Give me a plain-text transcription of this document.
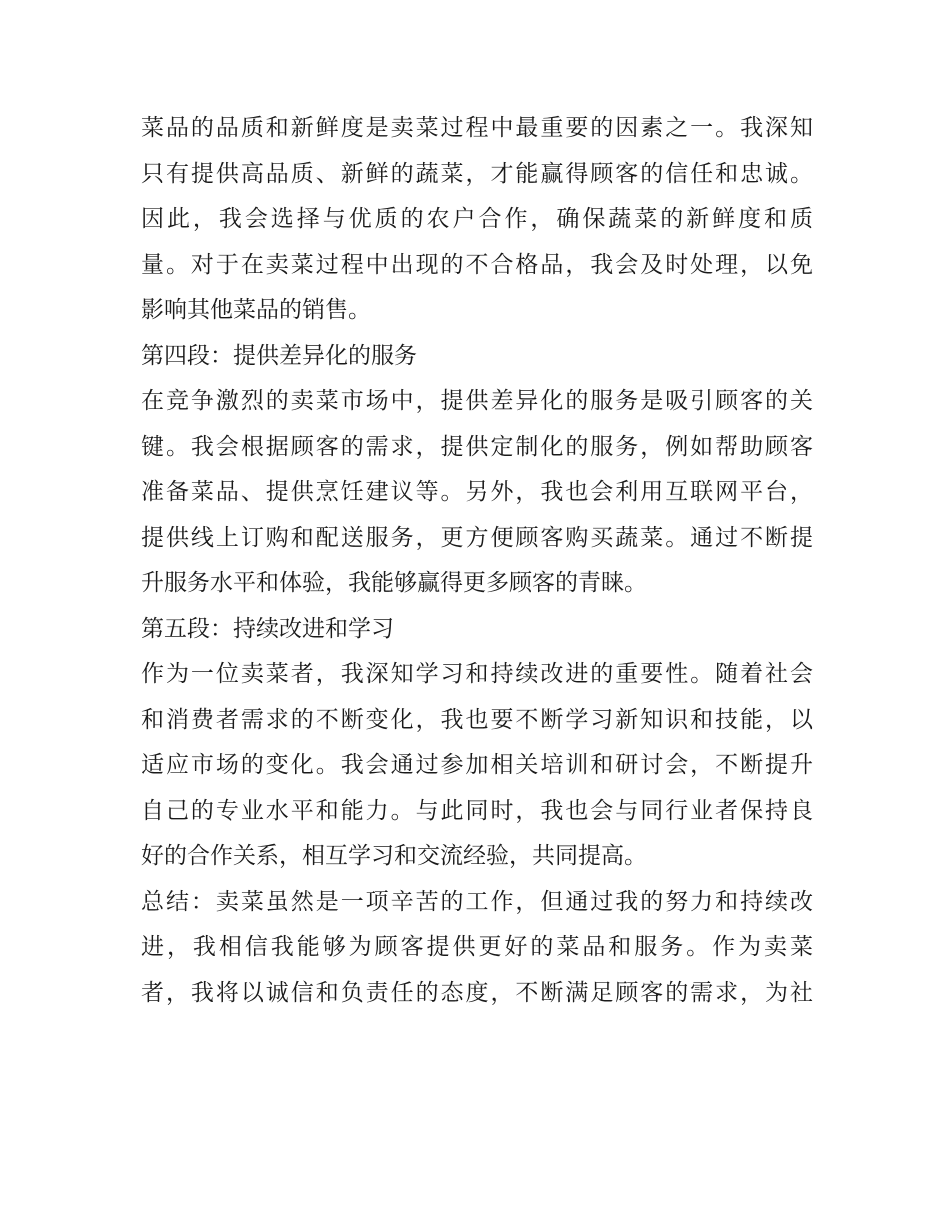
菜品的品质和新鲜度是卖菜过程中最重要的因素之一。我深知
只有提供高品质、新鲜的蔬菜，才能赢得顾客的信任和忠诚。
因此，我会选择与优质的农户合作，确保蔬菜的新鲜度和质
量。对于在卖菜过程中出现的不合格品，我会及时处理，以免
影响其他菜品的销售。
第四段：提供差异化的服务
在竞争激烈的卖菜市场中，提供差异化的服务是吸引顾客的关
键。我会根据顾客的需求，提供定制化的服务，例如帮助顾客
准备菜品、提供烹饪建议等。另外，我也会利用互联网平台，
提供线上订购和配送服务，更方便顾客购买蔬菜。通过不断提
升服务水平和体验，我能够赢得更多顾客的青睐。
第五段：持续改进和学习
作为一位卖菜者，我深知学习和持续改进的重要性。随着社会
和消费者需求的不断变化，我也要不断学习新知识和技能，以
适应市场的变化。我会通过参加相关培训和研讨会，不断提升
自己的专业水平和能力。与此同时，我也会与同行业者保持良
好的合作关系，相互学习和交流经验，共同提高。
总结：卖菜虽然是一项辛苦的工作，但通过我的努力和持续改
进，我相信我能够为顾客提供更好的菜品和服务。作为卖菜
者，我将以诚信和负责任的态度，不断满足顾客的需求，为社
